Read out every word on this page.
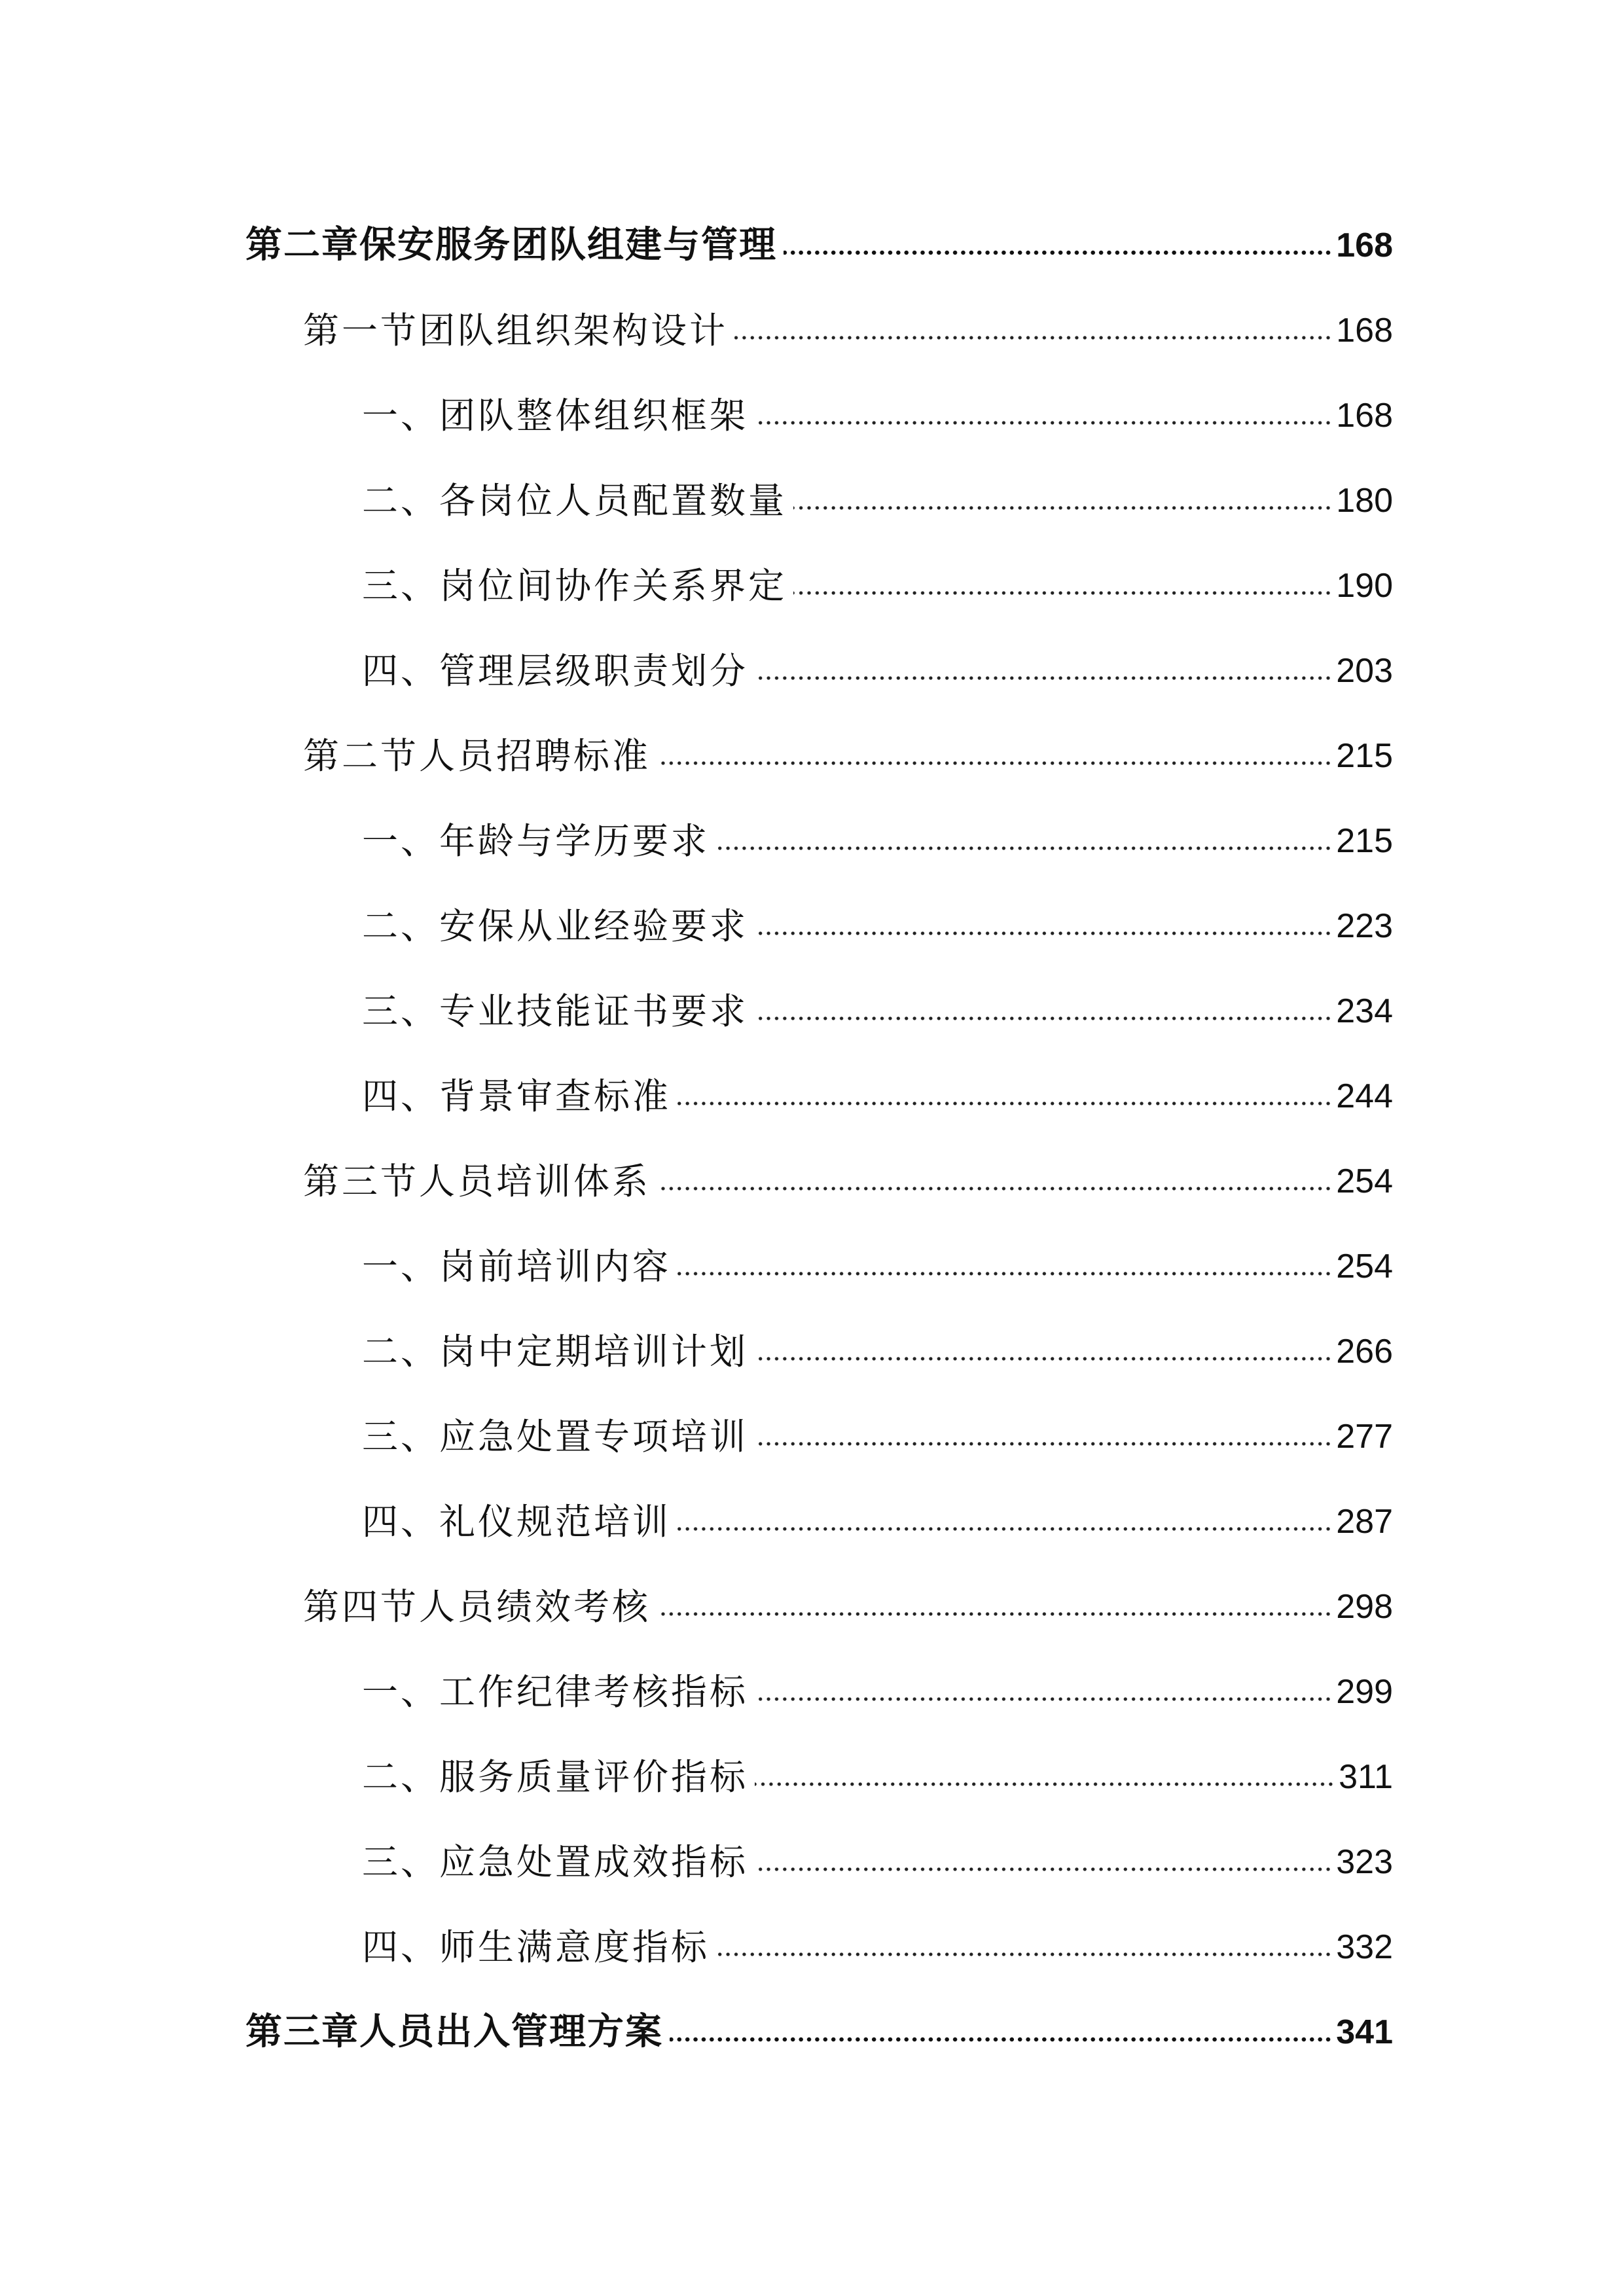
第二章保安服务团队组建与管理	168
第一节团队组织架构设计	168
一、团队整体组织框架	168
二、各岗位人员配置数量	180
三、岗位间协作关系界定	190
四、管理层级职责划分	203
第二节人员招聘标准	215
一、年龄与学历要求	215
二、安保从业经验要求	223
三、专业技能证书要求	234
四、背景审查标准	244
第三节人员培训体系	254
一、岗前培训内容	254
二、岗中定期培训计划	266
三、应急处置专项培训	277
四、礼仪规范培训	287
第四节人员绩效考核	298
一、工作纪律考核指标	299
二、服务质量评价指标	311
三、应急处置成效指标	323
四、师生满意度指标	332
第三章人员出入管理方案	341
